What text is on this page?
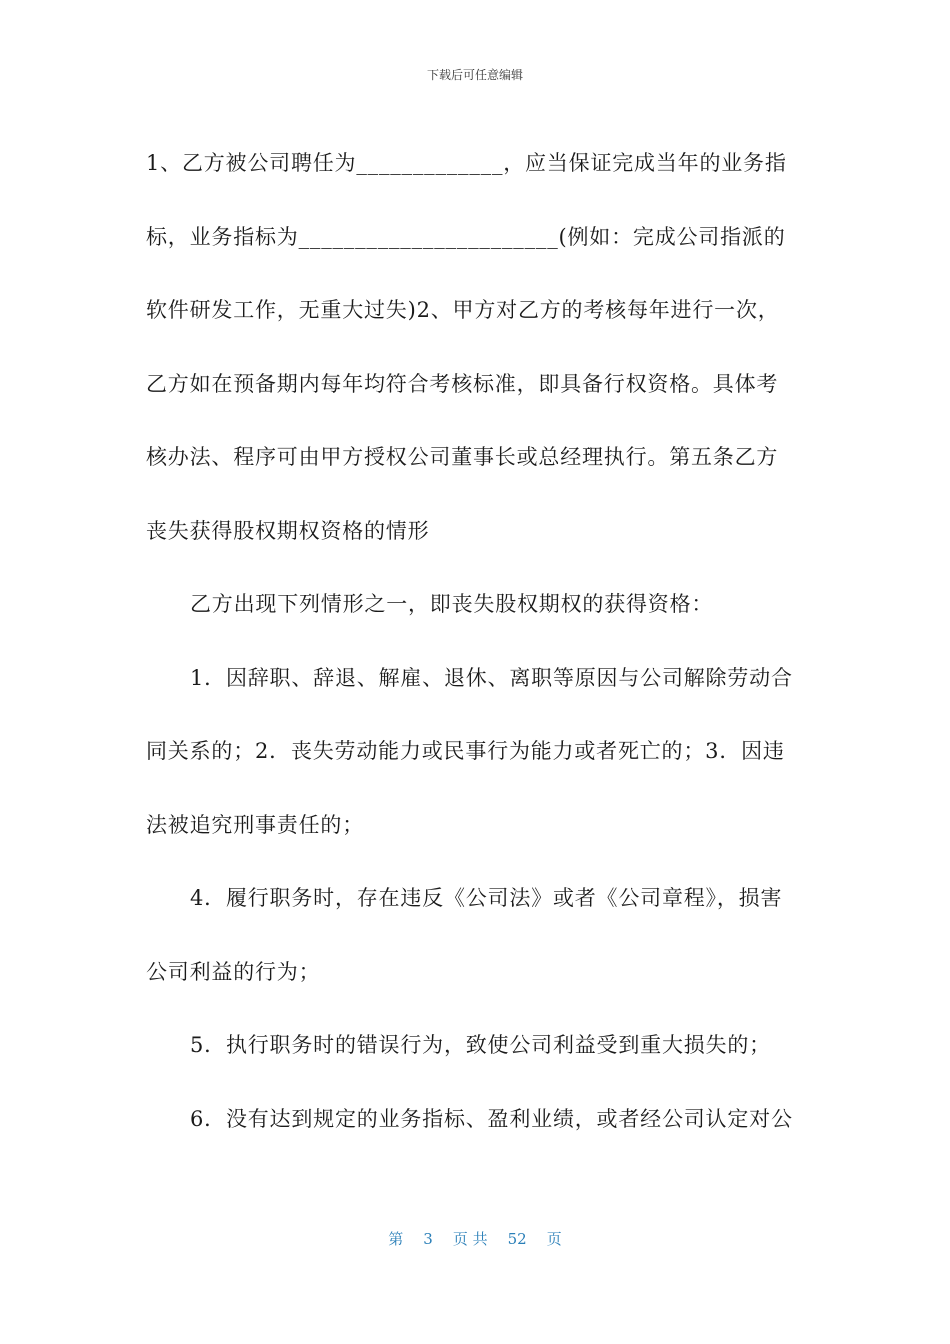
下载后可任意编辑
1、乙方被公司聘任为_____________，应当保证完成当年的业务指
标，业务指标为_______________________(例如：完成公司指派的
软件研发工作，无重大过失)2、甲方对乙方的考核每年进行一次，
乙方如在预备期内每年均符合考核标准，即具备行权资格。具体考
核办法、程序可由甲方授权公司董事长或总经理执行。第五条乙方
丧失获得股权期权资格的情形
乙方出现下列情形之一，即丧失股权期权的获得资格：
1．因辞职、辞退、解雇、退休、离职等原因与公司解除劳动合
同关系的；2．丧失劳动能力或民事行为能力或者死亡的；3．因违
法被追究刑事责任的；
4．履行职务时，存在违反《公司法》或者《公司章程》，损害
公司利益的行为；
5．执行职务时的错误行为，致使公司利益受到重大损失的；
6．没有达到规定的业务指标、盈利业绩，或者经公司认定对公
第 3 页 共 52 页
